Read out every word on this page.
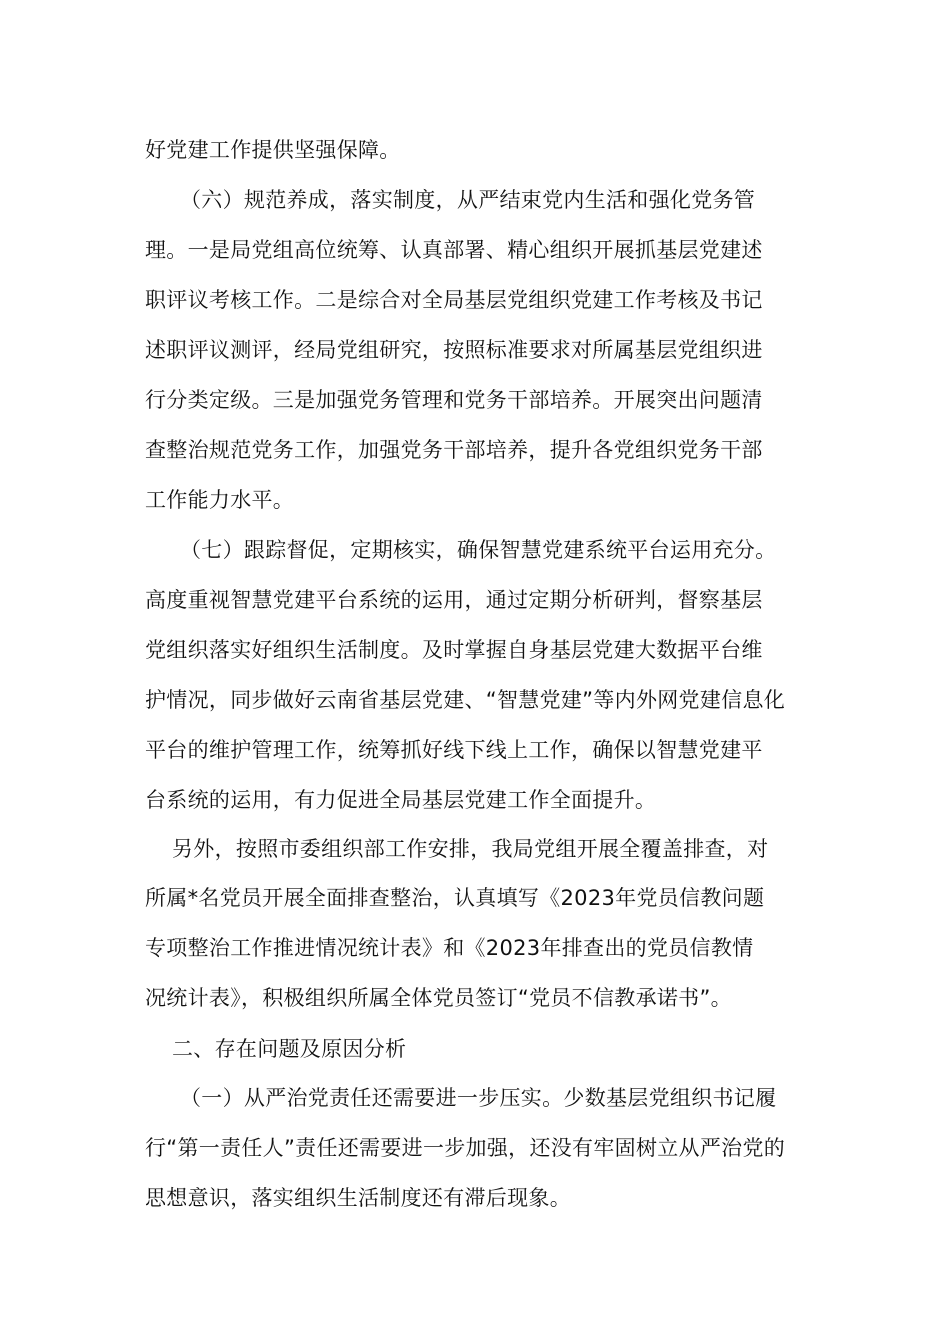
好党建工作提供坚强保障。
（六）规范养成，落实制度，从严结束党内生活和强化党务管
理。一是局党组高位统筹、认真部署、精心组织开展抓基层党建述
职评议考核工作。二是综合对全局基层党组织党建工作考核及书记
述职评议测评，经局党组研究，按照标准要求对所属基层党组织进
行分类定级。三是加强党务管理和党务干部培养。开展突出问题清
查整治规范党务工作，加强党务干部培养，提升各党组织党务干部
工作能力水平。
（七）跟踪督促，定期核实，确保智慧党建系统平台运用充分。
高度重视智慧党建平台系统的运用，通过定期分析研判，督察基层
党组织落实好组织生活制度。及时掌握自身基层党建大数据平台维
护情况，同步做好云南省基层党建、“智慧党建”等内外网党建信息化
平台的维护管理工作，统筹抓好线下线上工作，确保以智慧党建平
台系统的运用，有力促进全局基层党建工作全面提升。
另外，按照市委组织部工作安排，我局党组开展全覆盖排查，对
所属*名党员开展全面排查整治，认真填写《2023年党员信教问题
专项整治工作推进情况统计表》和《2023年排查出的党员信教情
况统计表》，积极组织所属全体党员签订“党员不信教承诺书”。
二、存在问题及原因分析
（一）从严治党责任还需要进一步压实。少数基层党组织书记履
行“第一责任人”责任还需要进一步加强，还没有牢固树立从严治党的
思想意识，落实组织生活制度还有滞后现象。
